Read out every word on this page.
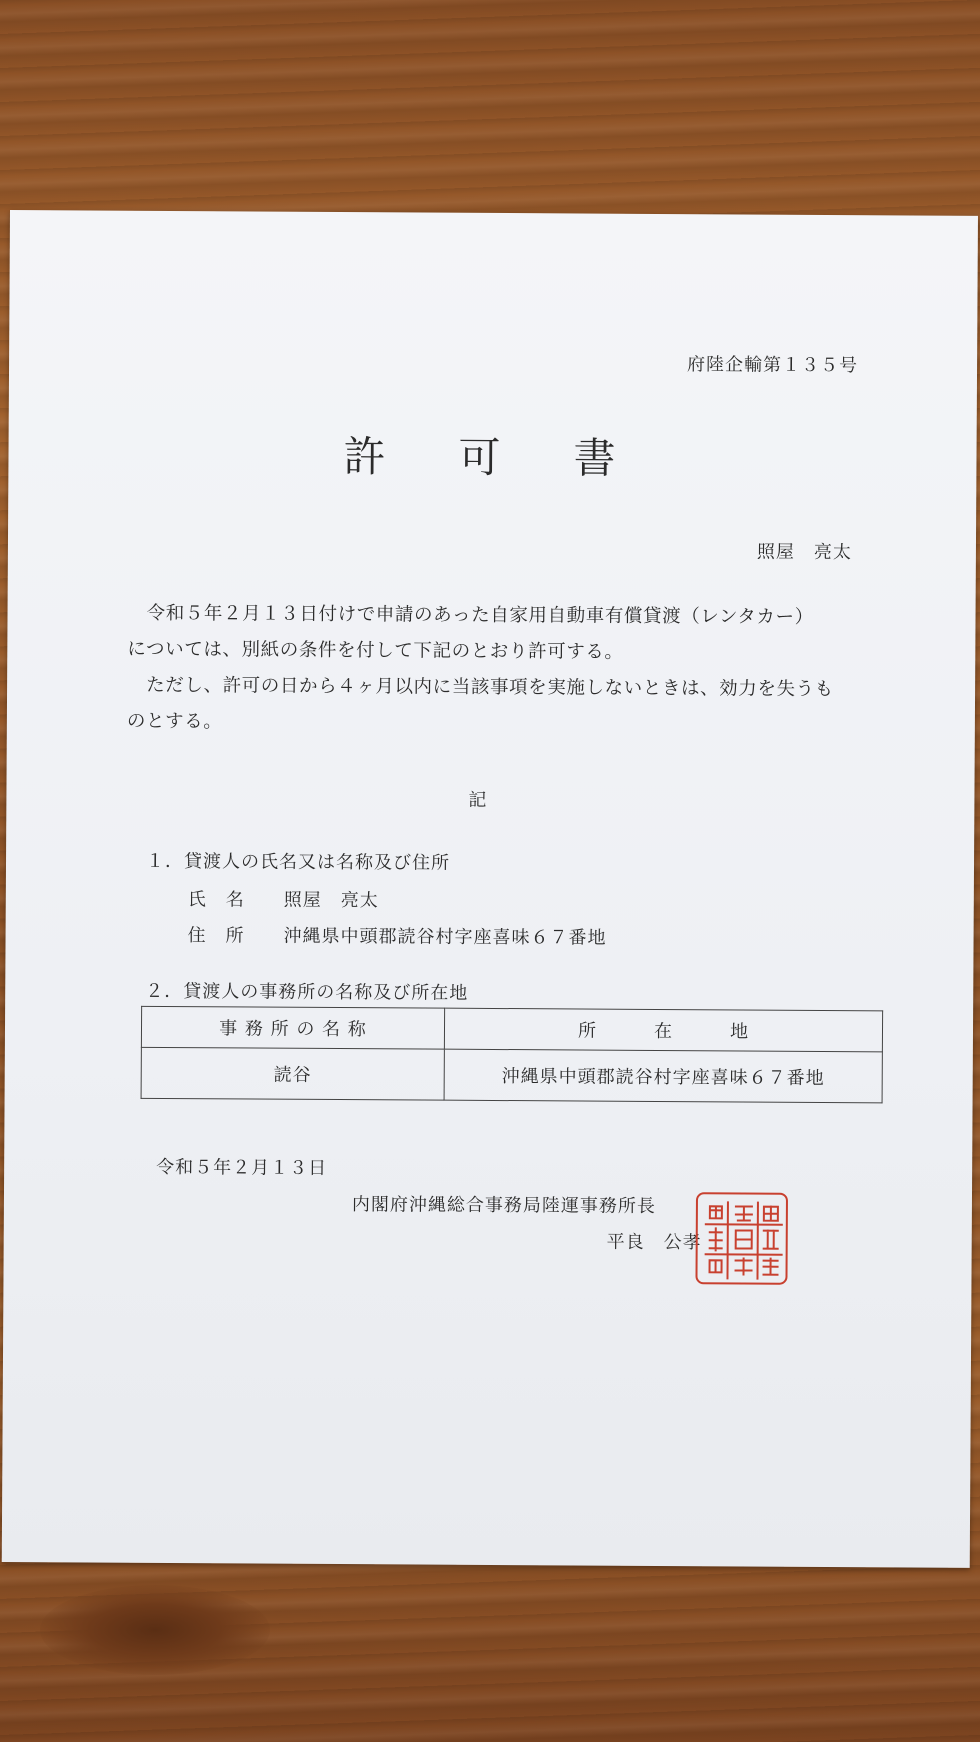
府陸企輸第１３５号
許 可 書
照屋　亮太
　令和５年２月１３日付けで申請のあった自家用自動車有償貸渡（レンタカー）
については、別紙の条件を付して下記のとおり許可する。
　ただし、許可の日から４ヶ月以内に当該事項を実施しないときは、効力を失うも
のとする。
記
１．貸渡人の氏名又は名称及び住所
氏 名	照屋　亮太
住 所	沖縄県中頭郡読谷村字座喜味６７番地
２．貸渡人の事務所の名称及び所在地
事 務 所 の 名 称	所　　　在　　　地
読谷	沖縄県中頭郡読谷村字座喜味６７番地
令和５年２月１３日
内閣府沖縄総合事務局陸運事務所長
平良　公孝
